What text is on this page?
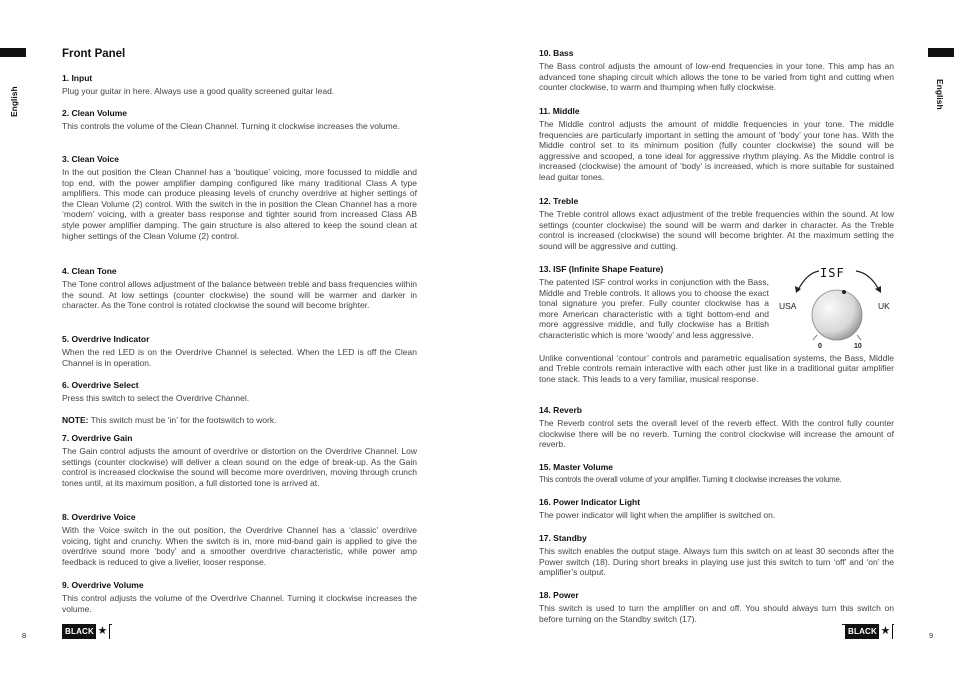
English	English
Front Panel
1. Input

Plug your guitar in here. Always use a good quality screened guitar lead.

2. Clean Volume

This controls the volume of the Clean Channel. Turning it clockwise increases the volume.

3. Clean Voice

In the out position the Clean Channel has a ‘boutique’ voicing, more focussed to middle and top end, with the power amplifier damping configured like many traditional Class A type amplifiers. This mode can produce pleasing levels of crunchy overdrive at higher settings of the Clean Volume (2) control. With the switch in the in position the Clean Channel has a more ‘modern’ voicing, with a greater bass response and tighter sound from increased Class AB style power amplifier damping. The gain structure is also altered to keep the sound clean at higher settings of the Clean Volume (2) control.

4. Clean Tone

The Tone control allows adjustment of the balance between treble and bass frequencies within the sound. At low settings (counter clockwise) the sound will be warmer and darker in character. As the Tone control is rotated clockwise the sound will become brighter.

5. Overdrive Indicator

When the red LED is on the Overdrive Channel is selected. When the LED is off the Clean Channel is in operation.

6. Overdrive Select

Press this switch to select the Overdrive Channel.

NOTE: This switch must be ‘in’ for the footswitch to work.

7. Overdrive Gain

The Gain control adjusts the amount of overdrive or distortion on the Overdrive Channel. Low settings (counter clockwise) will deliver a clean sound on the edge of break-up. As the Gain control is increased clockwise the sound will become more overdriven, moving through crunch tones until, at its maximum position, a full distorted tone is arrived at.

8. Overdrive Voice

With the Voice switch in the out position, the Overdrive Channel has a ‘classic’ overdrive voicing, tight and crunchy. When the switch is in, more mid-band gain is applied to give the overdrive sound more ‘body’ and a smoother overdrive characteristic, while power amp feedback is reduced to give a livelier, looser response.

9. Overdrive Volume

This control adjusts the volume of the Overdrive Channel. Turning it clockwise increases the volume.

10. Bass

The Bass control adjusts the amount of low-end frequencies in your tone. This amp has an advanced tone shaping circuit which allows the tone to be varied from tight and cutting when counter clockwise, to warm and thumping when fully clockwise.

11. Middle

The Middle control adjusts the amount of middle frequencies in your tone. The middle frequencies are particularly important in setting the amount of ‘body’ your tone has. With the Middle control set to its minimum position (fully counter clockwise) the sound will be aggressive and scooped, a tone ideal for aggressive rhythm playing. As the Middle control is increased (clockwise) the amount of ‘body’ is increased, which is more suitable for sustained lead guitar tones.

12. Treble

The Treble control allows exact adjustment of the treble frequencies within the sound. At low settings (counter clockwise) the sound will be warm and darker in character. As the Treble control is increased (clockwise) the sound will become brighter. At the maximum setting the sound will be aggressive and cutting.

13. ISF (Infinite Shape Feature)

The patented ISF control works in conjunction with the Bass, Middle and Treble controls. It allows you to choose the exact tonal signature you prefer. Fully counter clockwise has a more American characteristic with a tight bottom-end and more aggressive middle, and fully clockwise has a British characteristic which is more ‘woody’ and less aggressive.

Unlike conventional ‘contour’ controls and parametric equalisation systems, the Bass, Middle and Treble controls remain interactive with each other just like in a traditional guitar amplifier tone stack. This leads to a very familiar, musical response.

14. Reverb

The Reverb control sets the overall level of the reverb effect. With the control fully counter clockwise there will be no reverb. Turning the control clockwise will increase the amount of reverb.

15. Master Volume

This controls the overall volume of your amplifier. Turning it clockwise increases the volume.

16. Power Indicator Light

The power indicator will light when the amplifier is switched on.

17. Standby

This switch enables the output stage. Always turn this switch on at least 30 seconds after the Power switch (18). During short breaks in playing use just this switch to turn ‘off’ and ‘on’ the amplifier’s output.

18. Power

This switch is used to turn the amplifier on and off. You should always turn this switch on before turning on the Standby switch (17).

ISF
USA	UK
0	10
8	9
BLACK ★	BLACK ★
